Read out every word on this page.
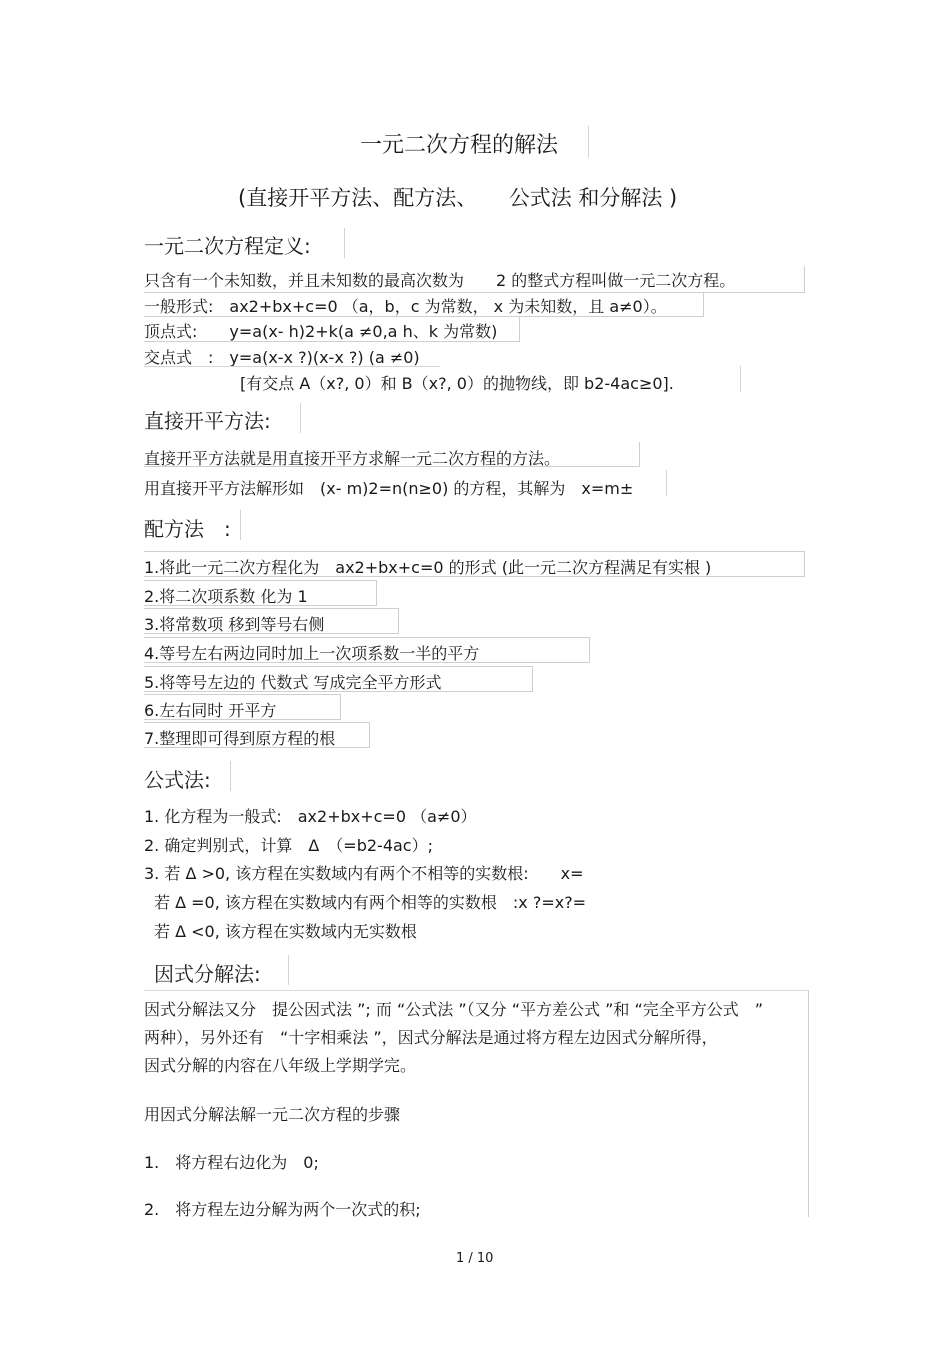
一元二次方程的解法
(直接开平方法、配方法、　　公式法 和分解法 )
一元二次方程定义:
只含有一个未知数，并且未知数的最高次数为　　2 的整式方程叫做一元二次方程。
一般形式:　ax2+bx+c=0 （a，b，c 为常数， x 为未知数，且 a≠0）。
顶点式:　　y=a(x- h)2+k(a ≠0,a h、k 为常数)
交点式　:　y=a(x-x ?)(x-x ?) (a ≠0)
[有交点 A（x?, 0）和 B（x?, 0）的抛物线，即 b2-4ac≥0].
直接开平方法:
直接开平方法就是用直接开平方求解一元二次方程的方法。
用直接开平方法解形如　(x- m)2=n(n≥0) 的方程，其解为　x=m±
配方法　:
1.将此一元二次方程化为　ax2+bx+c=0 的形式 (此一元二次方程满足有实根 )
2.将二次项系数 化为 1
3.将常数项 移到等号右侧
4.等号左右两边同时加上一次项系数一半的平方
5.将等号左边的 代数式 写成完全平方形式
6.左右同时 开平方
7.整理即可得到原方程的根
公式法:
1. 化方程为一般式:　ax2+bx+c=0 （a≠0）
2. 确定判别式，计算　Δ　（=b2-4ac）;
3. 若 Δ >0, 该方程在实数域内有两个不相等的实数根:　　x=
若 Δ =0, 该方程在实数域内有两个相等的实数根　:x ?=x?=
若 Δ <0, 该方程在实数域内无实数根
因式分解法:
因式分解法又分　提公因式法 ”; 而 “公式法 ”（又分 “平方差公式 ”和 “完全平方公式　”
两种），另外还有　“十字相乘法 ”，因式分解法是通过将方程左边因式分解所得，
因式分解的内容在八年级上学期学完。
用因式分解法解一元二次方程的步骤
1.　将方程右边化为　0;
2.　将方程左边分解为两个一次式的积;
1 / 10
